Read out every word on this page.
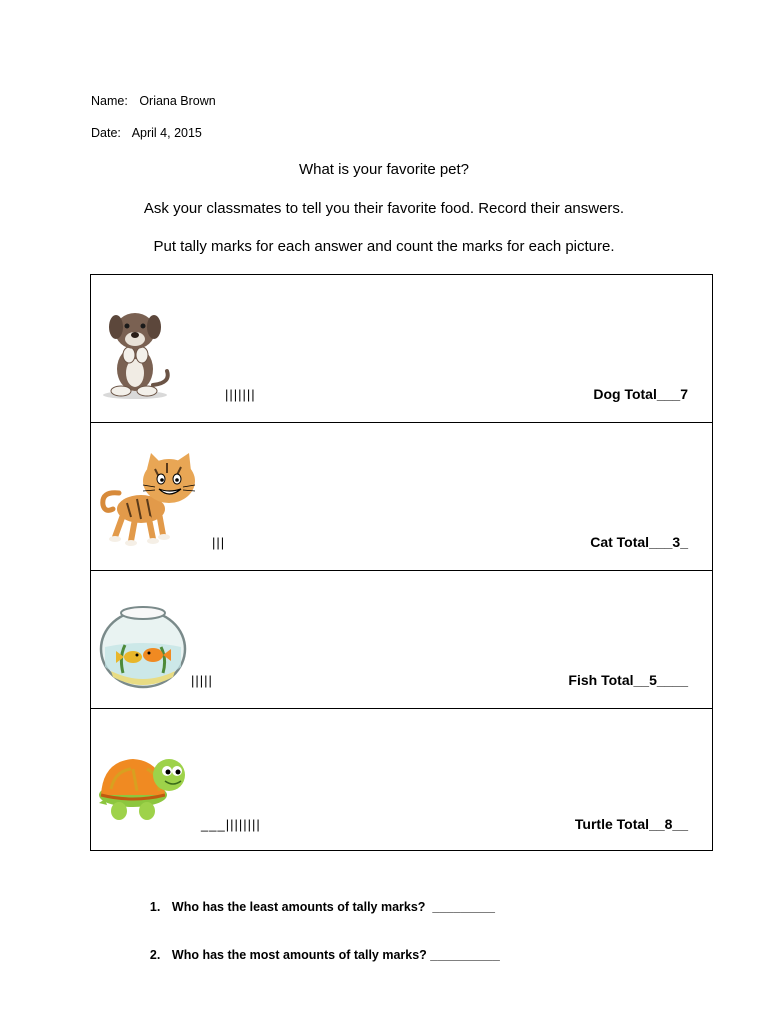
Name: Oriana Brown
Date: April 4, 2015
What is your favorite pet?
Ask your classmates to tell you their favorite food. Record their answers.
Put tally marks for each answer and count the marks for each picture.
|||||||	Dog Total___7
|||	Cat Total___3_
|||||	Fish Total__5____
___||||||||	Turtle Total__8__

1. Who has the least amounts of tally marks?  _________

2. Who has the most amounts of tally marks? __________
